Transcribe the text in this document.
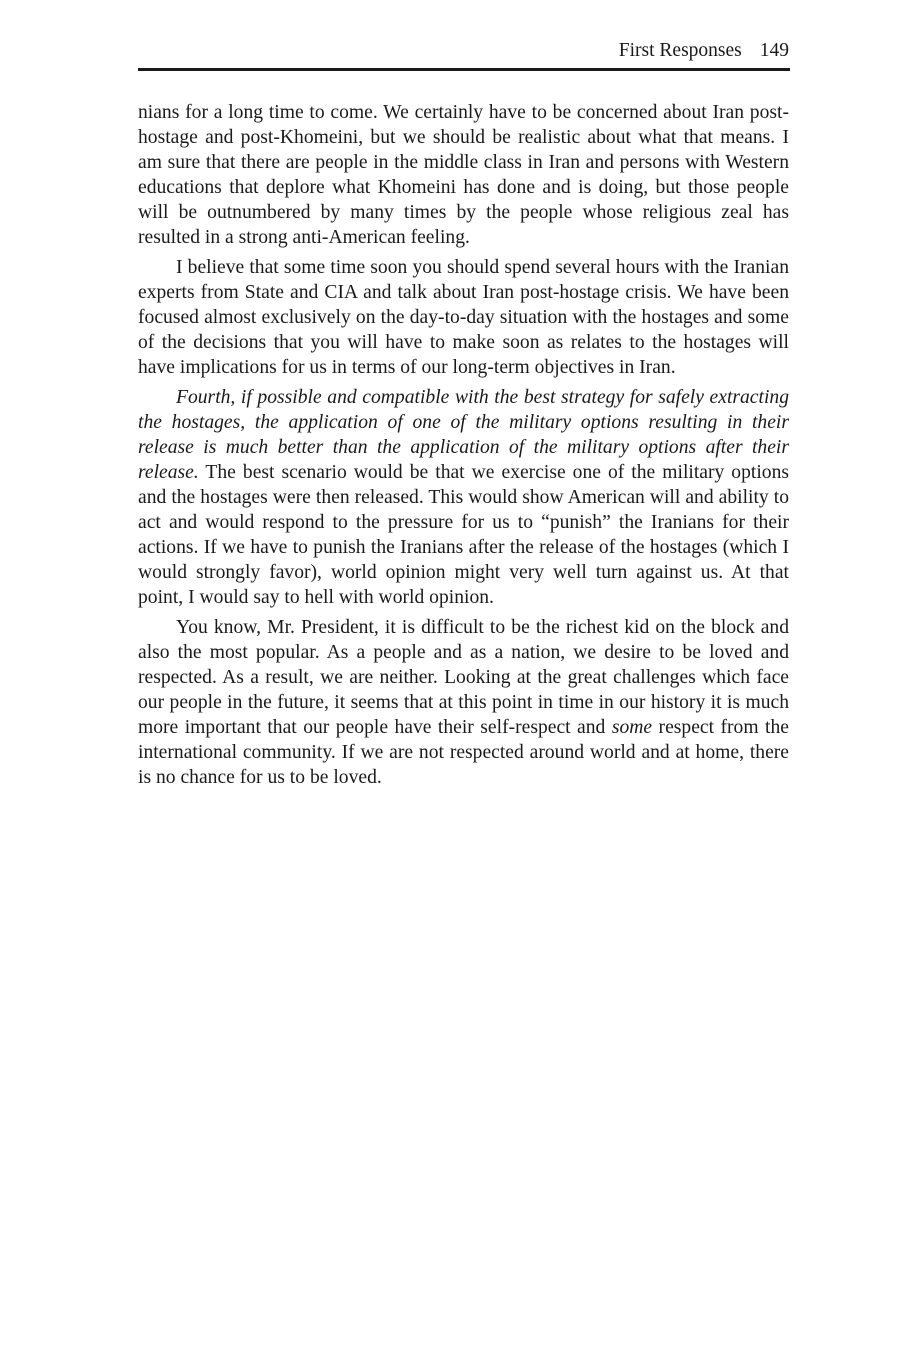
First Responses 149

nians for a long time to come. We certainly have to be concerned about Iran post-hostage and post-Khomeini, but we should be realistic about what that means. I am sure that there are people in the middle class in Iran and persons with Western educations that deplore what Khomeini has done and is doing, but those people will be outnumbered by many times by the people whose religious zeal has resulted in a strong anti-American feeling.

I believe that some time soon you should spend several hours with the Iranian experts from State and CIA and talk about Iran post-hostage crisis. We have been focused almost exclusively on the day-to-day situation with the hostages and some of the decisions that you will have to make soon as relates to the hostages will have implications for us in terms of our long-term objectives in Iran.

Fourth, if possible and compatible with the best strategy for safely extracting the hostages, the application of one of the military options resulting in their release is much better than the application of the military options after their release. The best scenario would be that we exercise one of the military options and the hostages were then released. This would show American will and ability to act and would respond to the pressure for us to “punish” the Iranians for their actions. If we have to punish the Iranians after the release of the hostages (which I would strongly favor), world opinion might very well turn against us. At that point, I would say to hell with world opinion.

You know, Mr. President, it is difficult to be the richest kid on the block and also the most popular. As a people and as a nation, we desire to be loved and respected. As a result, we are neither. Looking at the great challenges which face our people in the future, it seems that at this point in time in our history it is much more important that our people have their self-respect and some respect from the international community. If we are not respected around world and at home, there is no chance for us to be loved.
